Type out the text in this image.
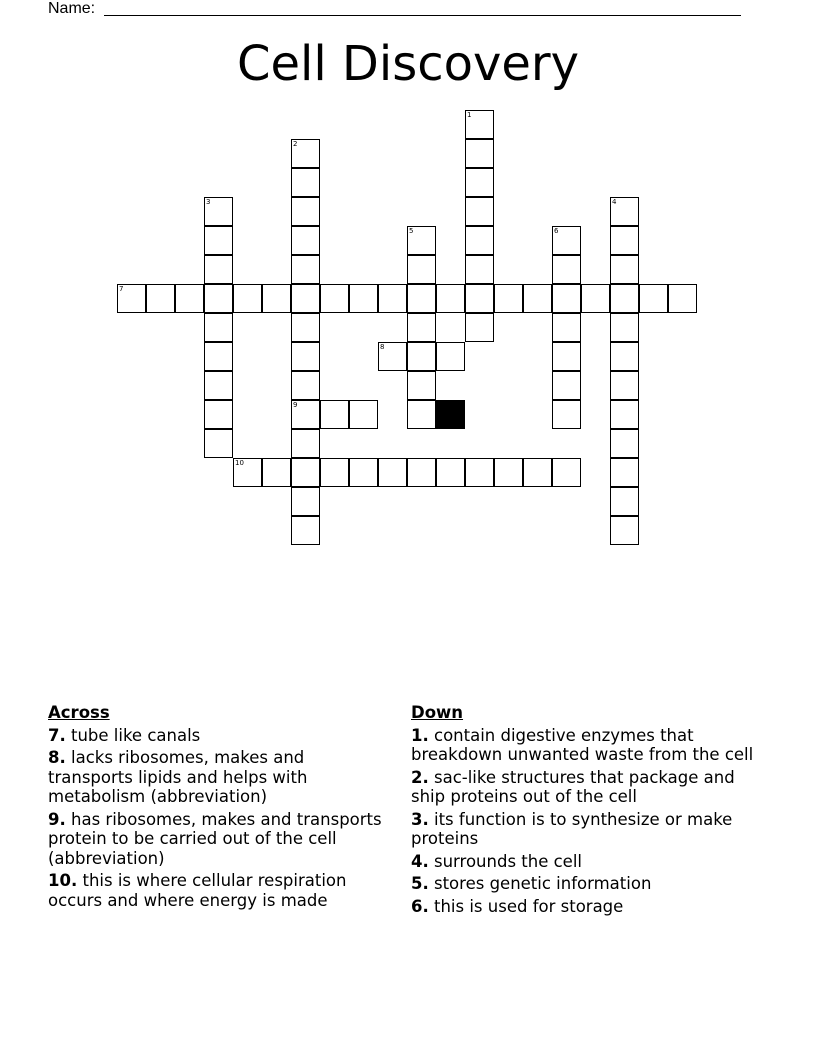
Name:
Cell Discovery
7
8
9
10
1
2
3	4
5	6
Across
7. tube like canals
8. lacks ribosomes, makes and transports lipids and helps with metabolism (abbreviation)
9. has ribosomes, makes and transports protein to be carried out of the cell (abbreviation)
10. this is where cellular respiration occurs and where energy is made
Down
1. contain digestive enzymes that breakdown unwanted waste from the cell
2. sac-like structures that package and ship proteins out of the cell
3. its function is to synthesize or make proteins
4. surrounds the cell
5. stores genetic information
6. this is used for storage
